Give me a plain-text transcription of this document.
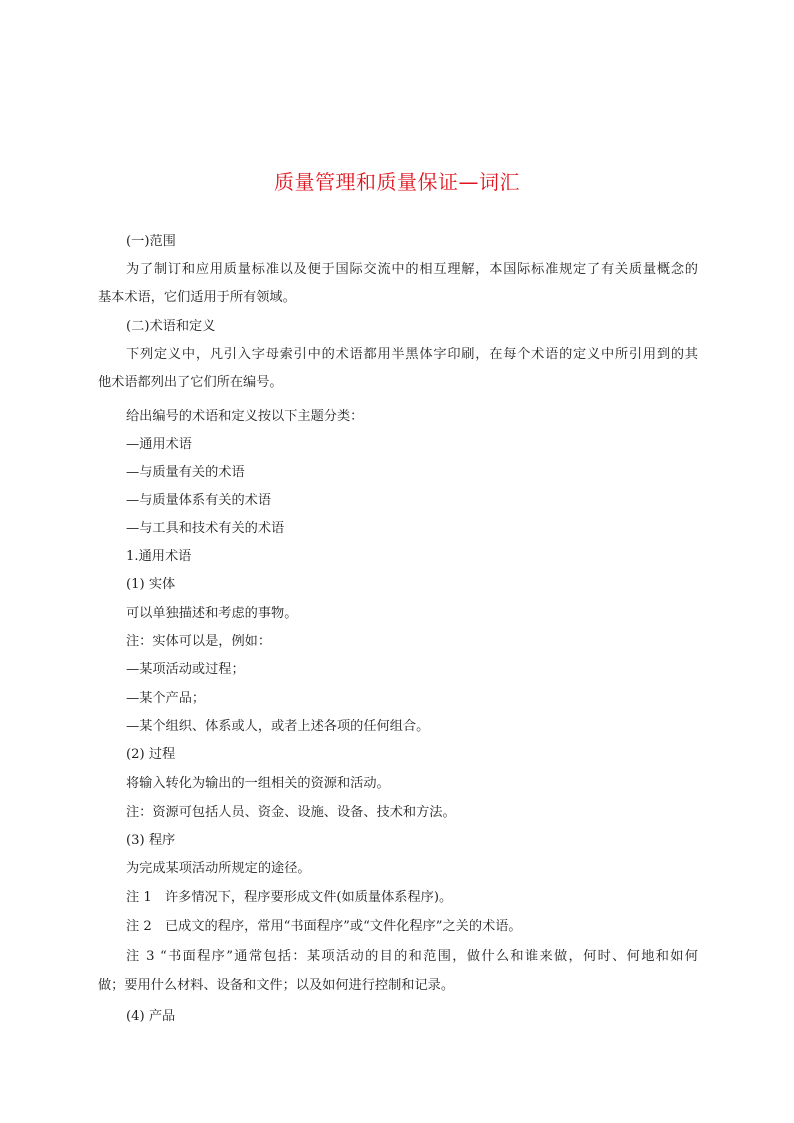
质量管理和质量保证—词汇
(一)范围
为了制订和应用质量标准以及便于国际交流中的相互理解，本国际标准规定了有关质量概念的
基本术语，它们适用于所有领域。
(二)术语和定义
下列定义中，凡引入字母索引中的术语都用半黑体字印刷，在每个术语的定义中所引用到的其
他术语都列出了它们所在编号。
给出编号的术语和定义按以下主题分类：
—通用术语
—与质量有关的术语
—与质量体系有关的术语
—与工具和技术有关的术语
1.通用术语
(1) 实体
可以单独描述和考虑的事物。
注：实体可以是，例如：
—某项活动或过程；
—某个产品；
—某个组织、体系或人，或者上述各项的任何组合。
(2) 过程
将输入转化为输出的一组相关的资源和活动。
注：资源可包括人员、资金、设施、设备、技术和方法。
(3) 程序
为完成某项活动所规定的途径。
注 1　许多情况下，程序要形成文件(如质量体系程序)。
注 2　已成文的程序，常用“书面程序”或“文件化程序”之关的术语。
注 3 “书面程序”通常包括：某项活动的目的和范围，做什么和谁来做，何时、何地和如何
做；要用什么材料、设备和文件；以及如何进行控制和记录。
(4) 产品
